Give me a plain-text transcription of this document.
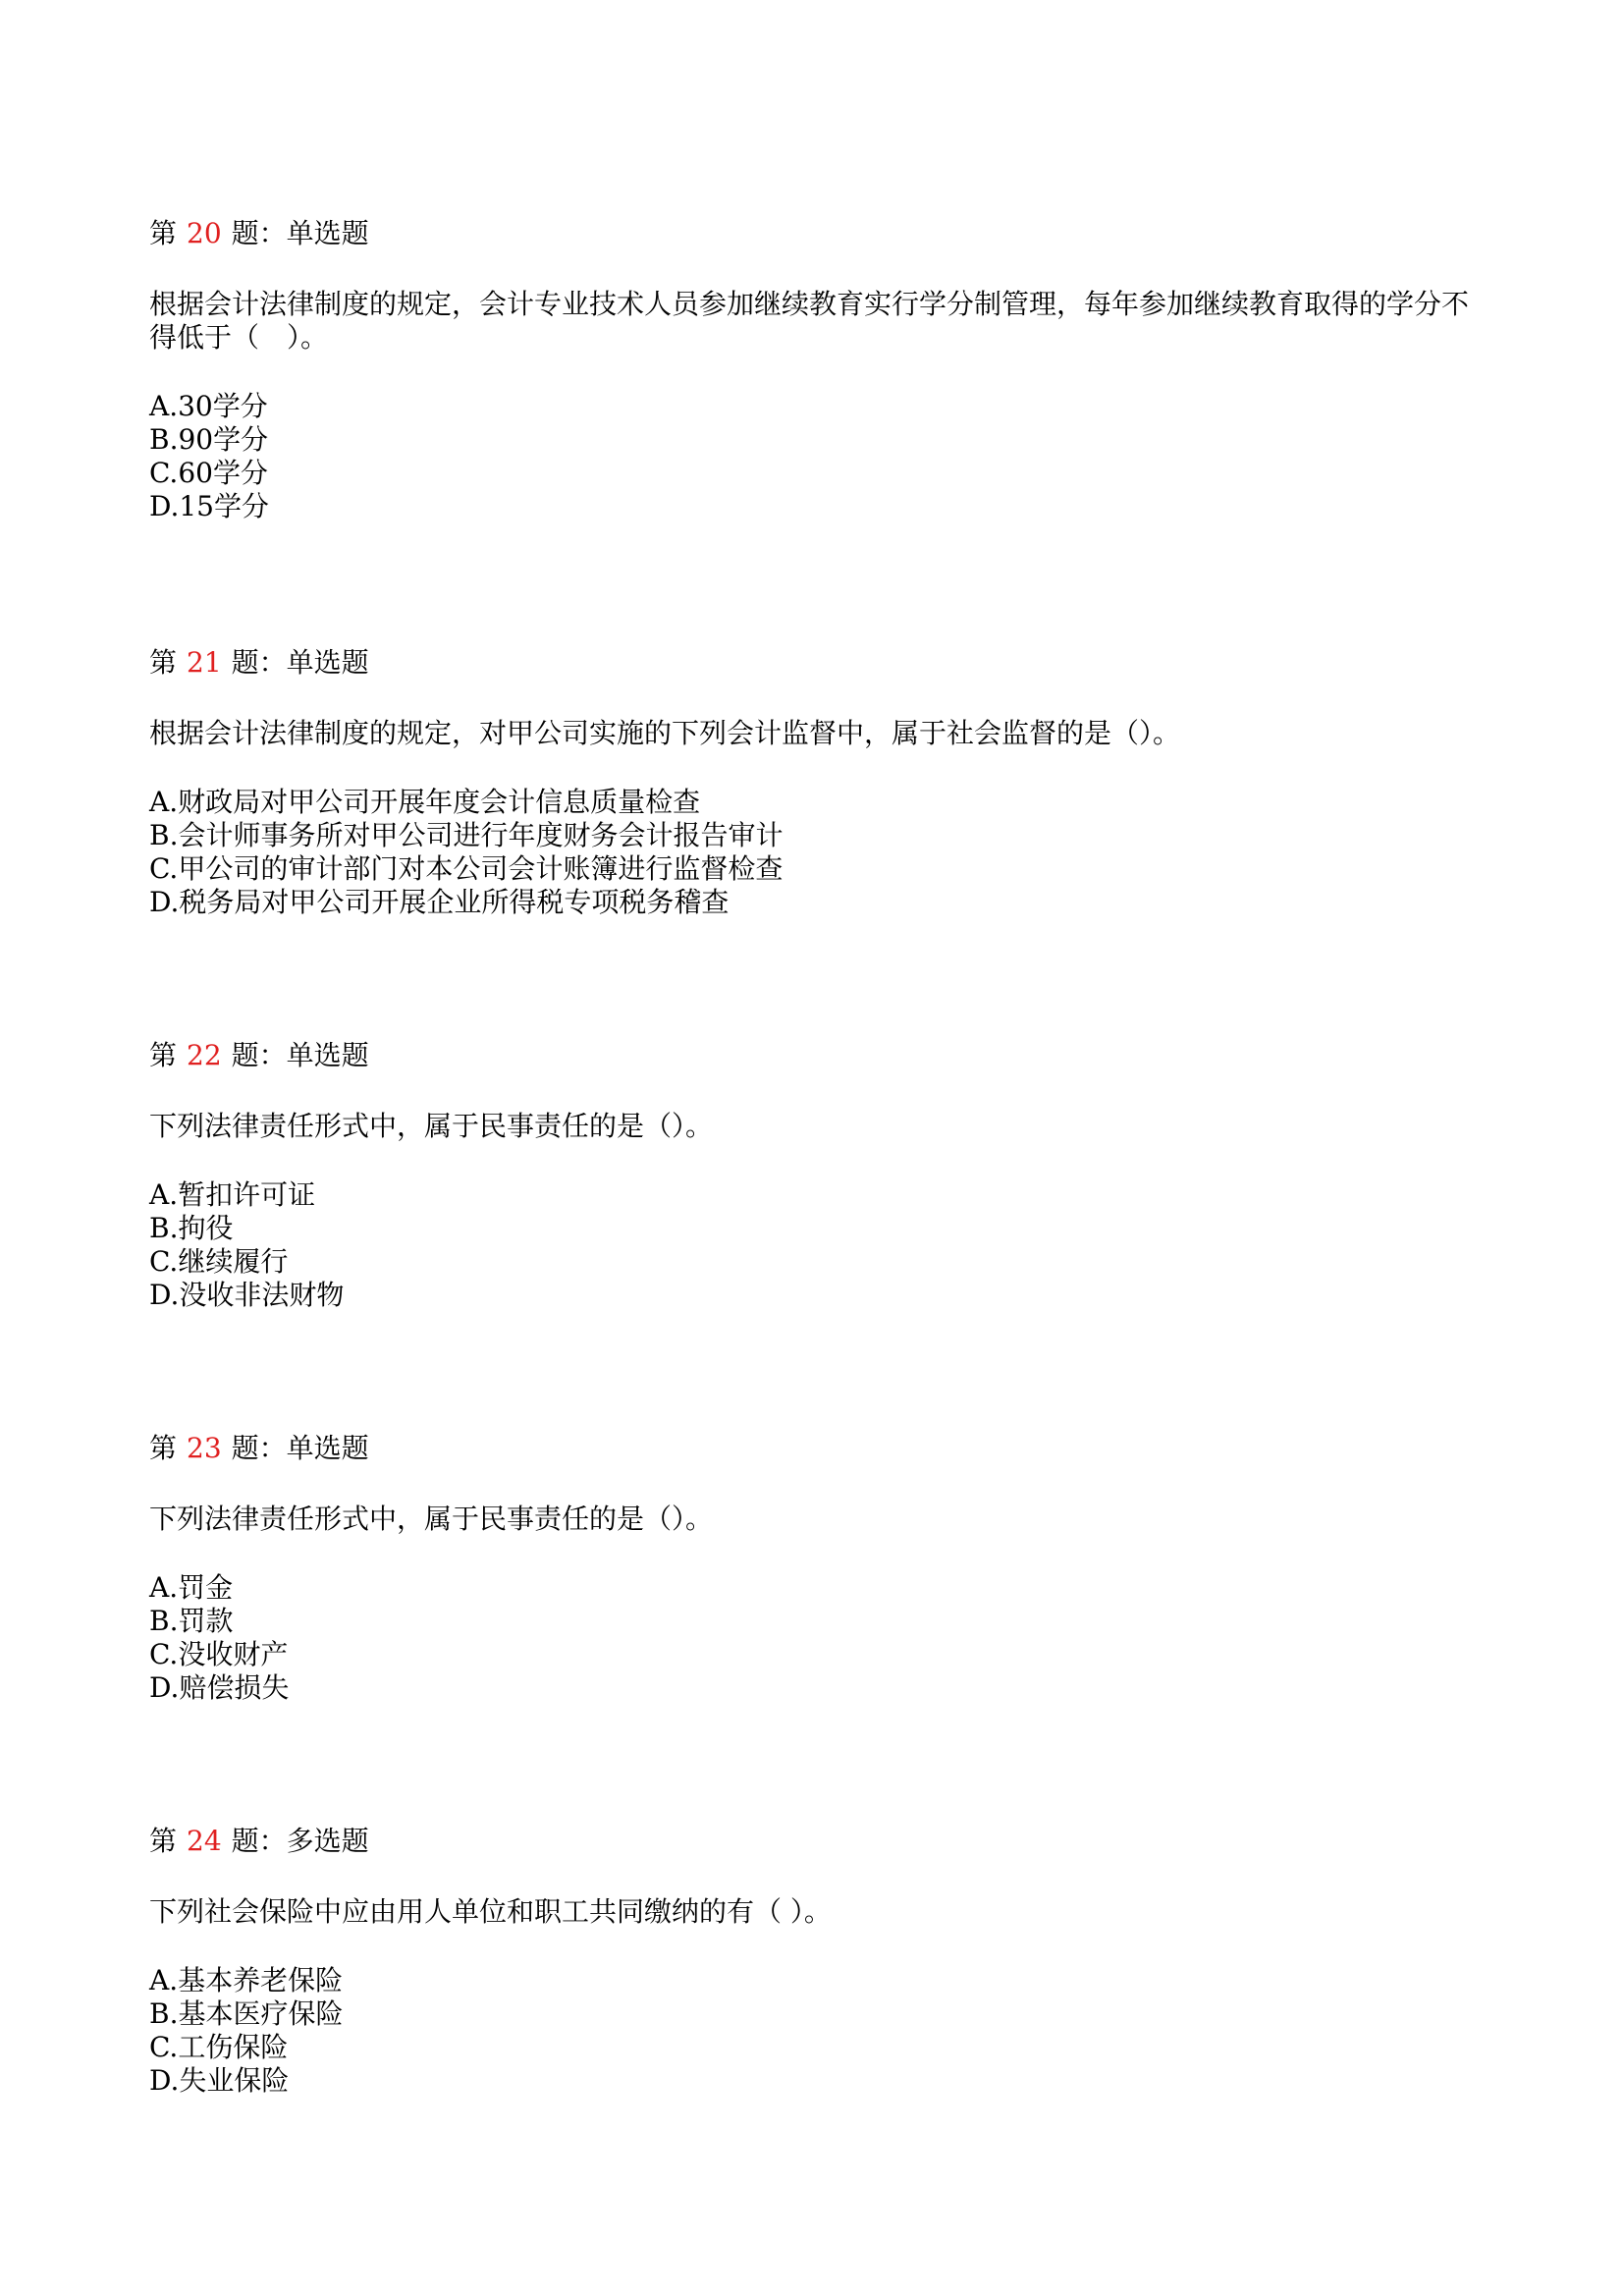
第 20 题：单选题

根据会计法律制度的规定，会计专业技术人员参加继续教育实行学分制管理，每年参加继续教育取得的学分不得低于（　）。

A.30学分
B.90学分
C.60学分
D.15学分

第 21 题：单选题

根据会计法律制度的规定，对甲公司实施的下列会计监督中，属于社会监督的是（）。

A.财政局对甲公司开展年度会计信息质量检查
B.会计师事务所对甲公司进行年度财务会计报告审计
C.甲公司的审计部门对本公司会计账簿进行监督检查
D.税务局对甲公司开展企业所得税专项税务稽查

第 22 题：单选题

下列法律责任形式中，属于民事责任的是（）。

A.暂扣许可证
B.拘役
C.继续履行
D.没收非法财物

第 23 题：单选题

下列法律责任形式中，属于民事责任的是（）。

A.罚金
B.罚款
C.没收财产
D.赔偿损失

第 24 题：多选题

下列社会保险中应由用人单位和职工共同缴纳的有（ ）。

A.基本养老保险
B.基本医疗保险
C.工伤保险
D.失业保险
